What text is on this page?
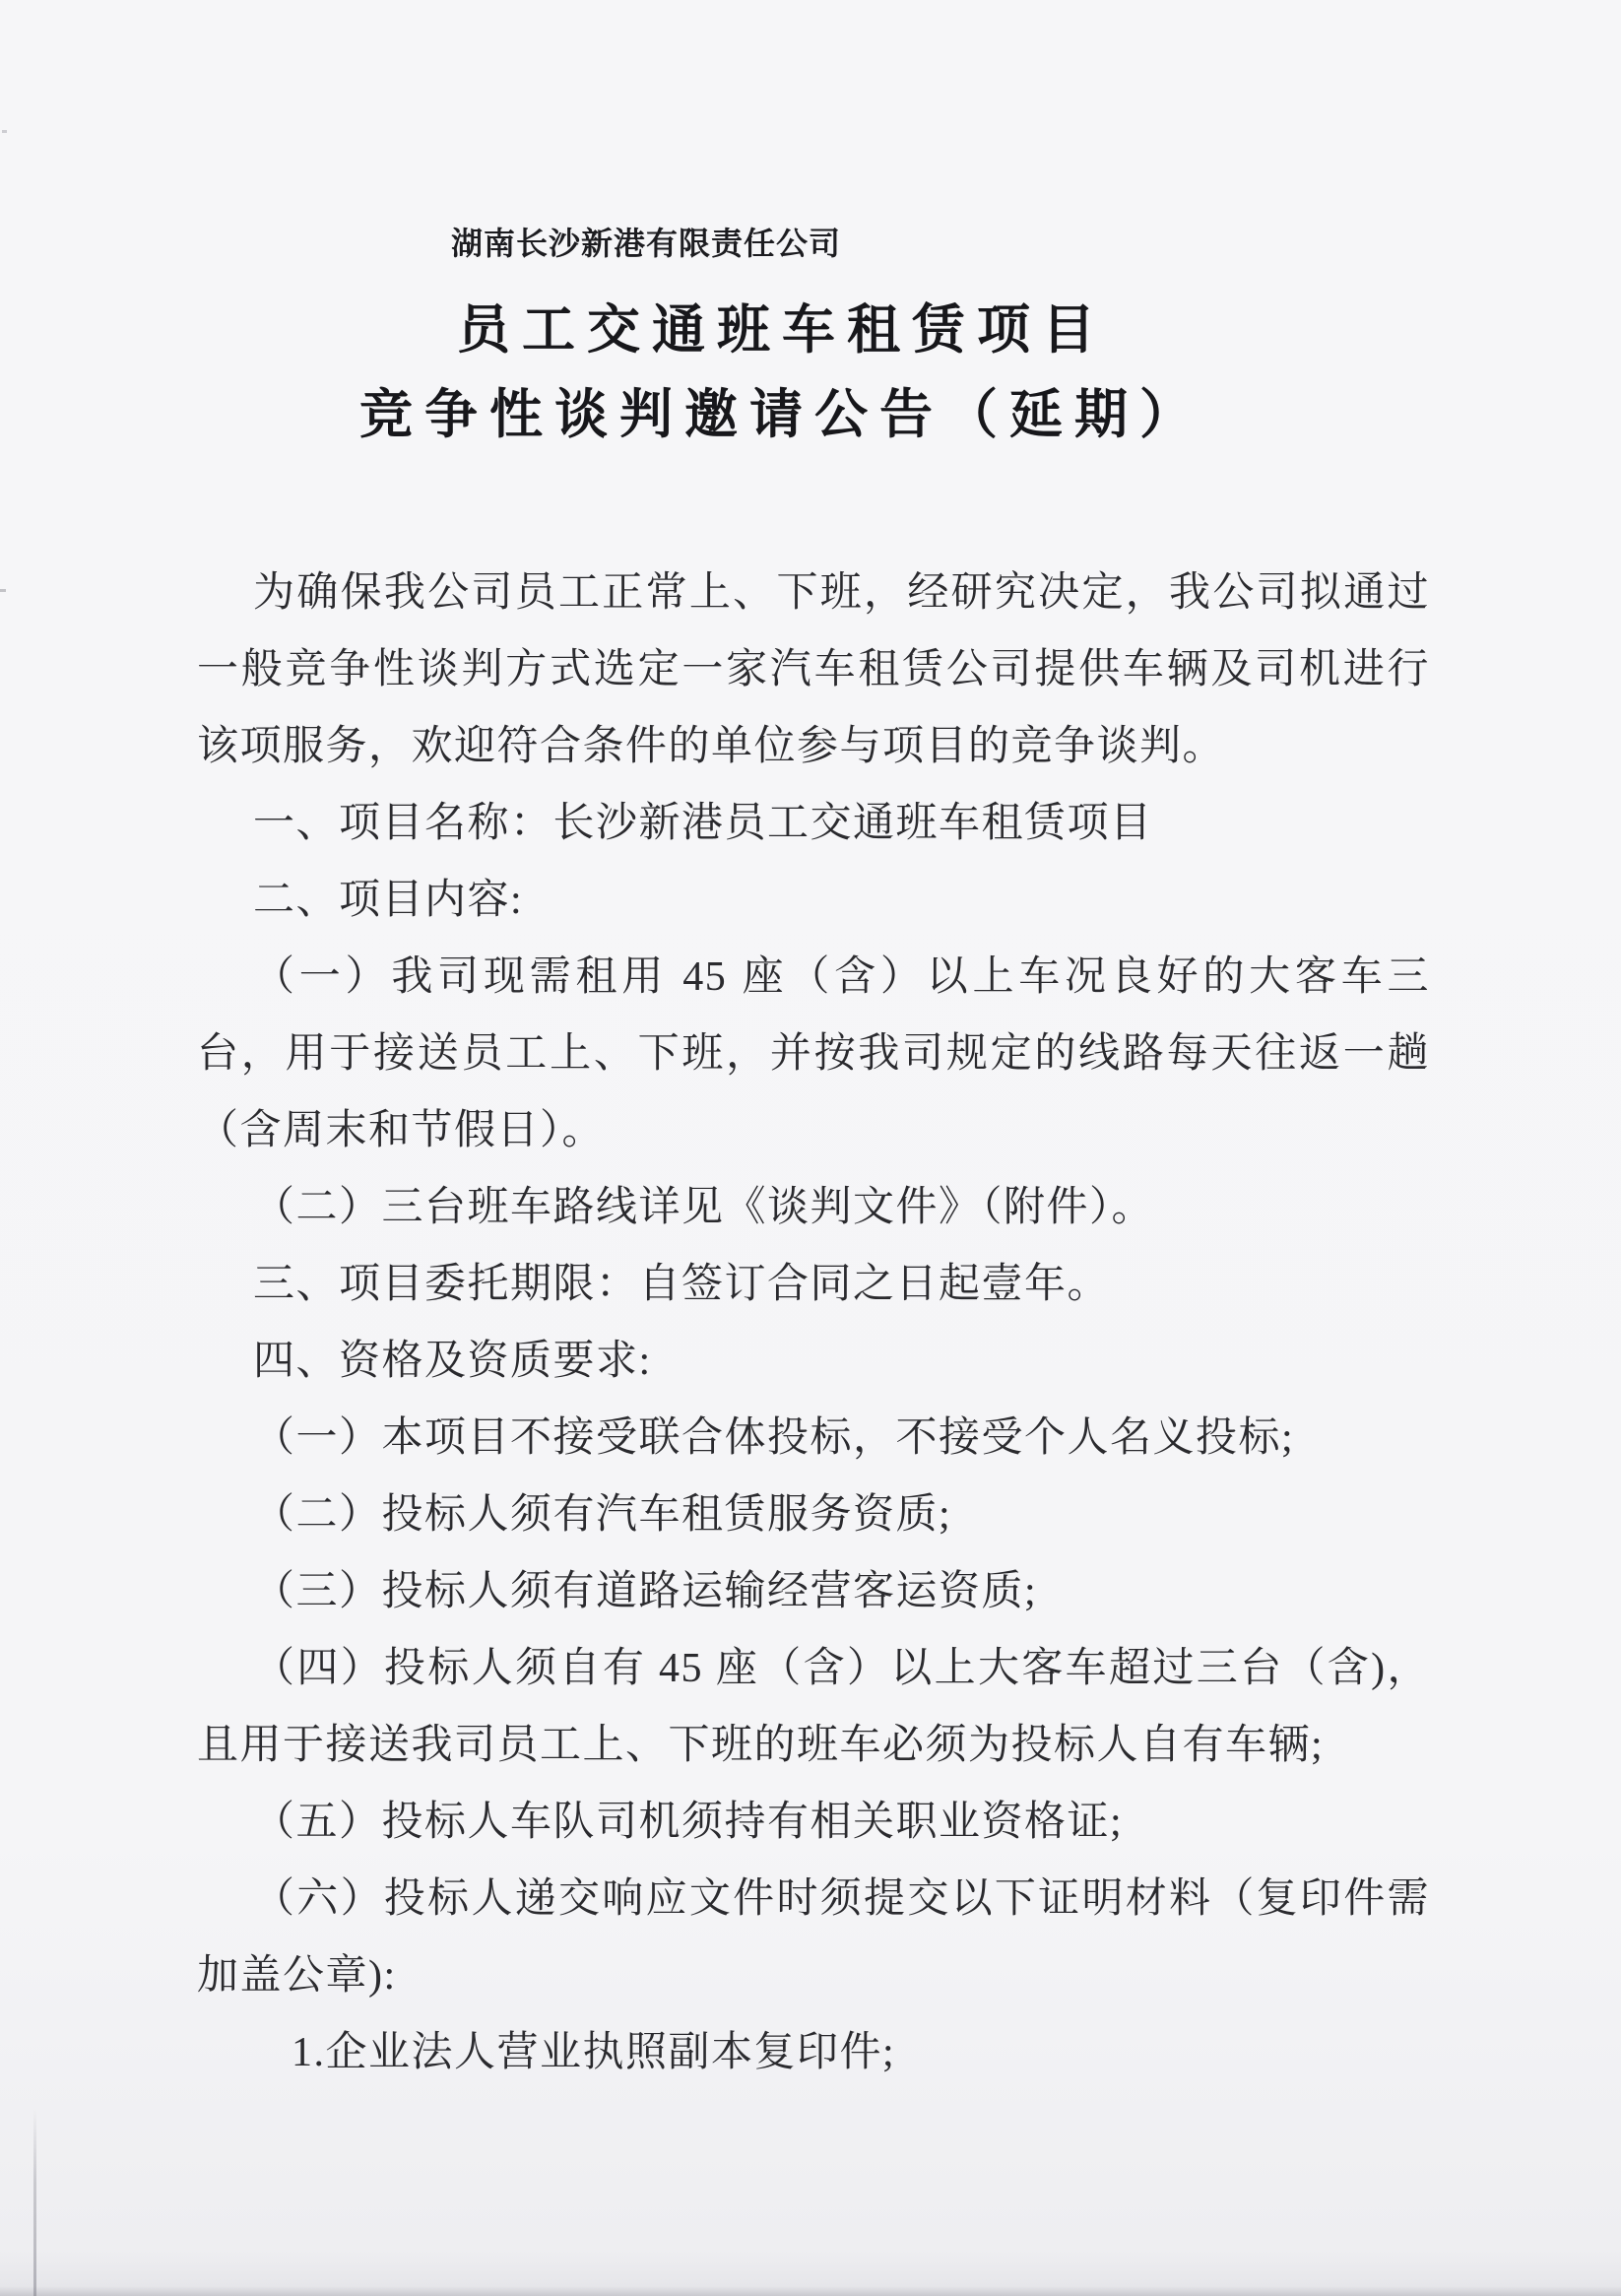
湖南长沙新港有限责任公司
员工交通班车租赁项目
竞争性谈判邀请公告（延期）

为确保我公司员工正常上、下班，经研究决定，我公司拟通过一般竞争性谈判方式选定一家汽车租赁公司提供车辆及司机进行该项服务，欢迎符合条件的单位参与项目的竞争谈判。

一、项目名称：长沙新港员工交通班车租赁项目

二、项目内容:

（一）我司现需租用 45 座（含）以上车况良好的大客车三台，用于接送员工上、下班，并按我司规定的线路每天往返一趟（含周末和节假日）。

（二）三台班车路线详见《谈判文件》（附件）。

三、项目委托期限：自签订合同之日起壹年。

四、资格及资质要求:

（一）本项目不接受联合体投标，不接受个人名义投标;

（二）投标人须有汽车租赁服务资质;

（三）投标人须有道路运输经营客运资质;

（四）投标人须自有 45 座（含）以上大客车超过三台（含)，且用于接送我司员工上、下班的班车必须为投标人自有车辆;

（五）投标人车队司机须持有相关职业资格证;

（六）投标人递交响应文件时须提交以下证明材料（复印件需加盖公章):

1.企业法人营业执照副本复印件;
